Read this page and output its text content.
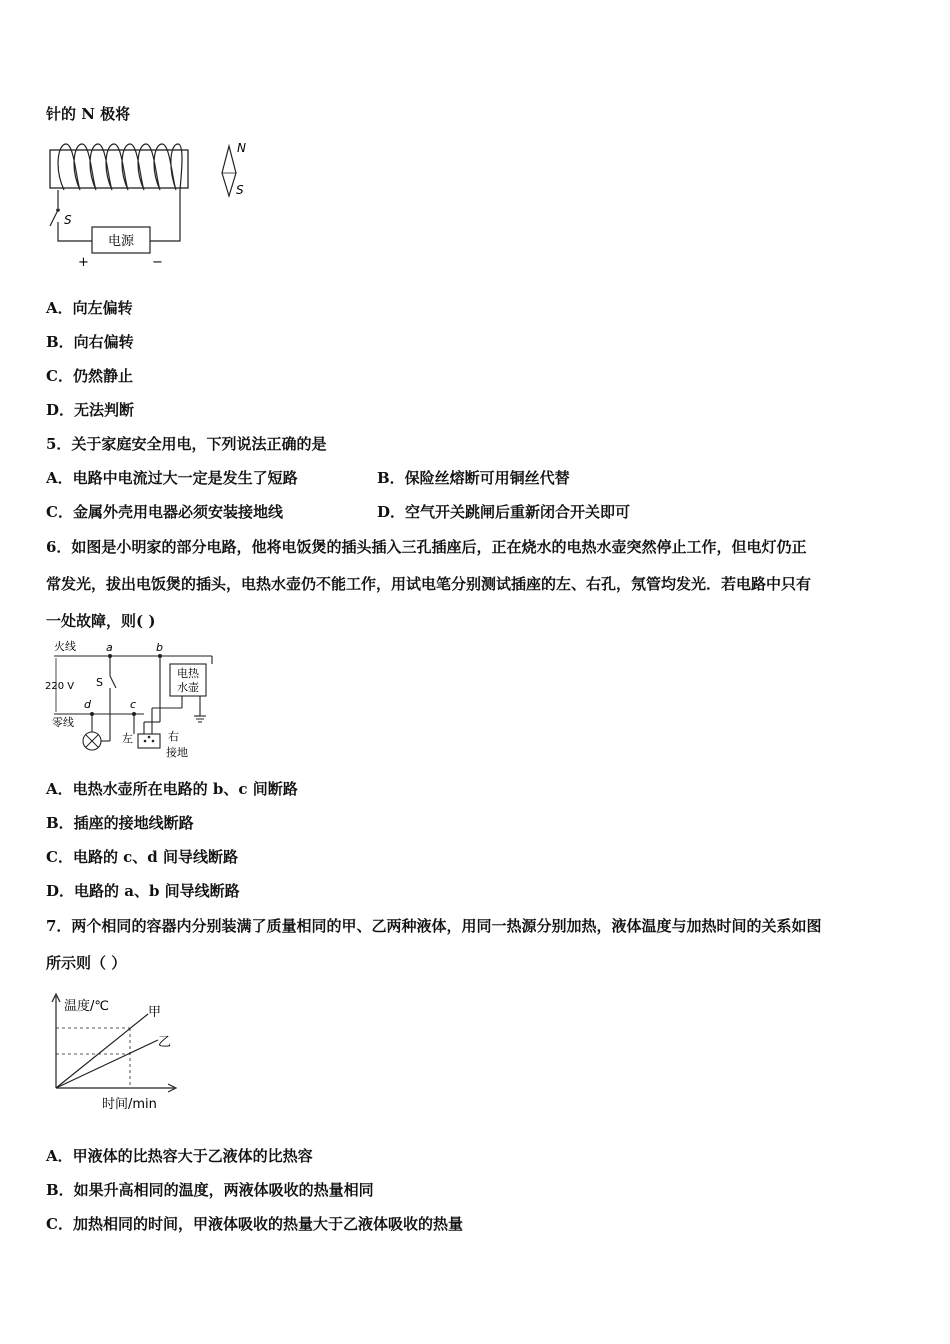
针的 N 极将
S
电源
+	−
N
S
A．向左偏转
B．向右偏转
C．仍然静止
D．无法判断
5．关于家庭安全用电，下列说法正确的是
A．电路中电流过大一定是发生了短路	B．保险丝熔断可用铜丝代替
C．金属外壳用电器必须安装接地线	D．空气开关跳闸后重新闭合开关即可
6．如图是小明家的部分电路，他将电饭煲的插头插入三孔插座后，正在烧水的电热水壶突然停止工作，但电灯仍正
常发光，拔出电饭煲的插头，电热水壶仍不能工作，用试电笔分别测试插座的左、右孔，氖管均发光．若电路中只有
一处故障，则( )
火线
220 V
零线
a	b
S
d	c
电热
水壶
左	右
接地
A．电热水壶所在电路的 b、c 间断路
B．插座的接地线断路
C．电路的 c、d 间导线断路
D．电路的 a、b 间导线断路
7．两个相同的容器内分别装满了质量相同的甲、乙两种液体，用同一热源分别加热，液体温度与加热时间的关系如图
所示则（ ）
温度/℃
时间/min
甲
乙
A．甲液体的比热容大于乙液体的比热容
B．如果升高相同的温度，两液体吸收的热量相同
C．加热相同的时间，甲液体吸收的热量大于乙液体吸收的热量
